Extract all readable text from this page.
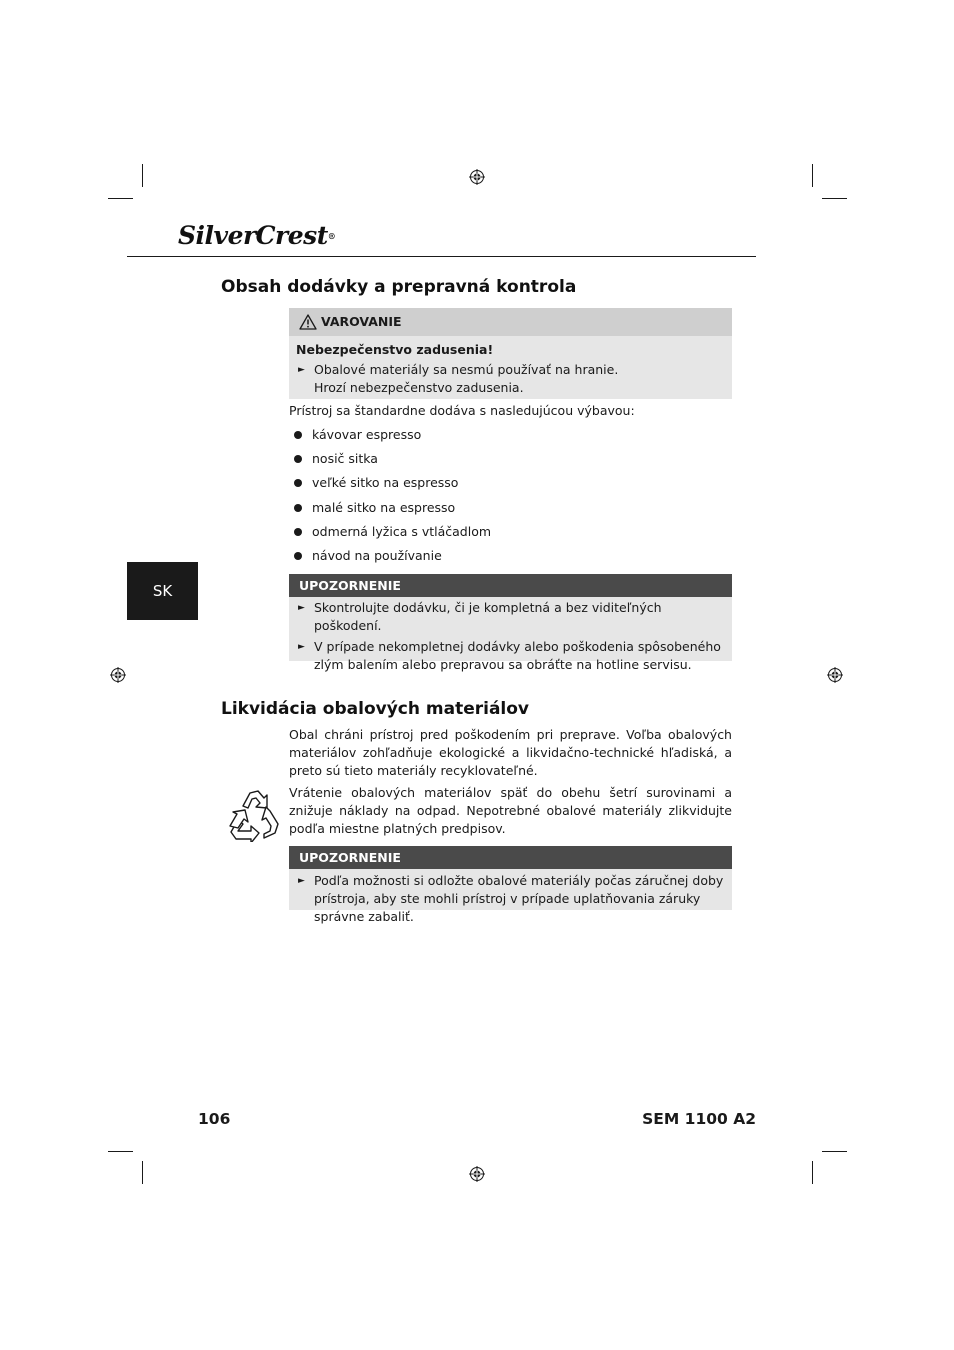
SilverCrest®
Obsah dodávky a prepravná kontrola
VAROVANIE
Nebezpečenstvo zadusenia!
► Obalové materiály sa nesmú používať na hranie.
Hrozí nebezpečenstvo zadusenia.
Prístroj sa štandardne dodáva s nasledujúcou výbavou:
kávovar espresso
nosič sitka
veľké sitko na espresso
malé sitko na espresso
odmerná lyžica s vtláčadlom
návod na používanie
SK	UPOZORNENIE
► Skontrolujte dodávku, či je kompletná a bez viditeľných poškodení.
► V prípade nekompletnej dodávky alebo poškodenia spôsobeného zlým balením alebo prepravou sa obráťte na hotline servisu.
Likvidácia obalových materiálov
Obal chráni prístroj pred poškodením pri preprave. Voľba obalových materiálov zohľadňuje ekologické a likvidačno-technické hľadiská, a preto sú tieto materiály recyklovateľné.
Vrátenie obalových materiálov späť do obehu šetrí surovinami a znižuje náklady na odpad. Nepotrebné obalové materiály zlikvidujte podľa miestne platných predpisov.
UPOZORNENIE
► Podľa možnosti si odložte obalové materiály počas záručnej doby prístroja, aby ste mohli prístroj v prípade uplatňovania záruky správne zabaliť.
106	SEM 1100 A2
